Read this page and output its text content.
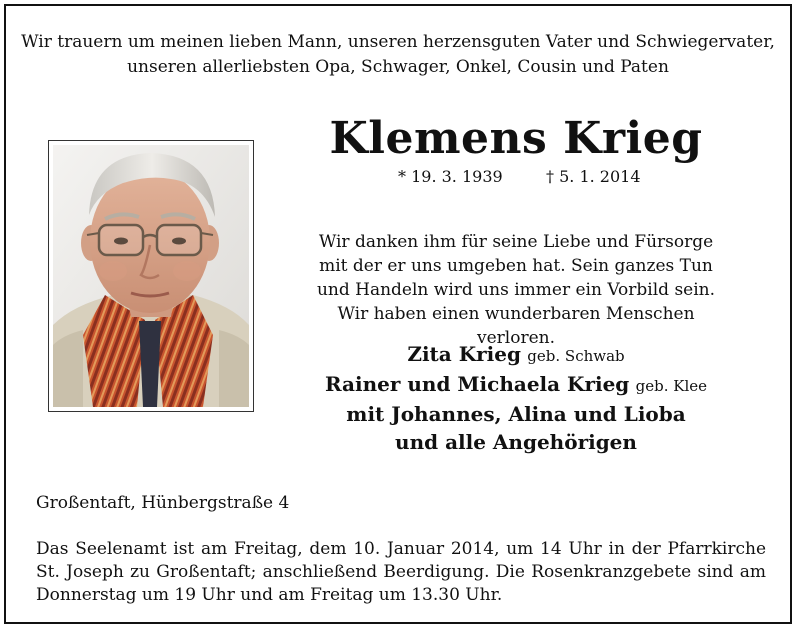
Wir trauern um meinen lieben Mann, unseren herzensguten Vater und Schwiegervater,
unseren allerliebsten Opa, Schwager, Onkel, Cousin und Paten
Klemens Krieg
* 19. 3. 1939	† 5. 1. 2014
Wir danken ihm für seine Liebe und Fürsorge
mit der er uns umgeben hat. Sein ganzes Tun
und Handeln wird uns immer ein Vorbild sein.
Wir haben einen wunderbaren Menschen verloren.
Zita Krieg geb. Schwab
Rainer und Michaela Krieg geb. Klee
mit Johannes, Alina und Lioba
und alle Angehörigen
Großentaft, Hünbergstraße 4
Das Seelenamt ist am Freitag, dem 10. Januar 2014, um 14 Uhr in der Pfarrkirche
St. Joseph zu Großentaft; anschließend Beerdigung. Die Rosenkranzgebete sind am
Donnerstag um 19 Uhr und am Freitag um 13.30 Uhr.
